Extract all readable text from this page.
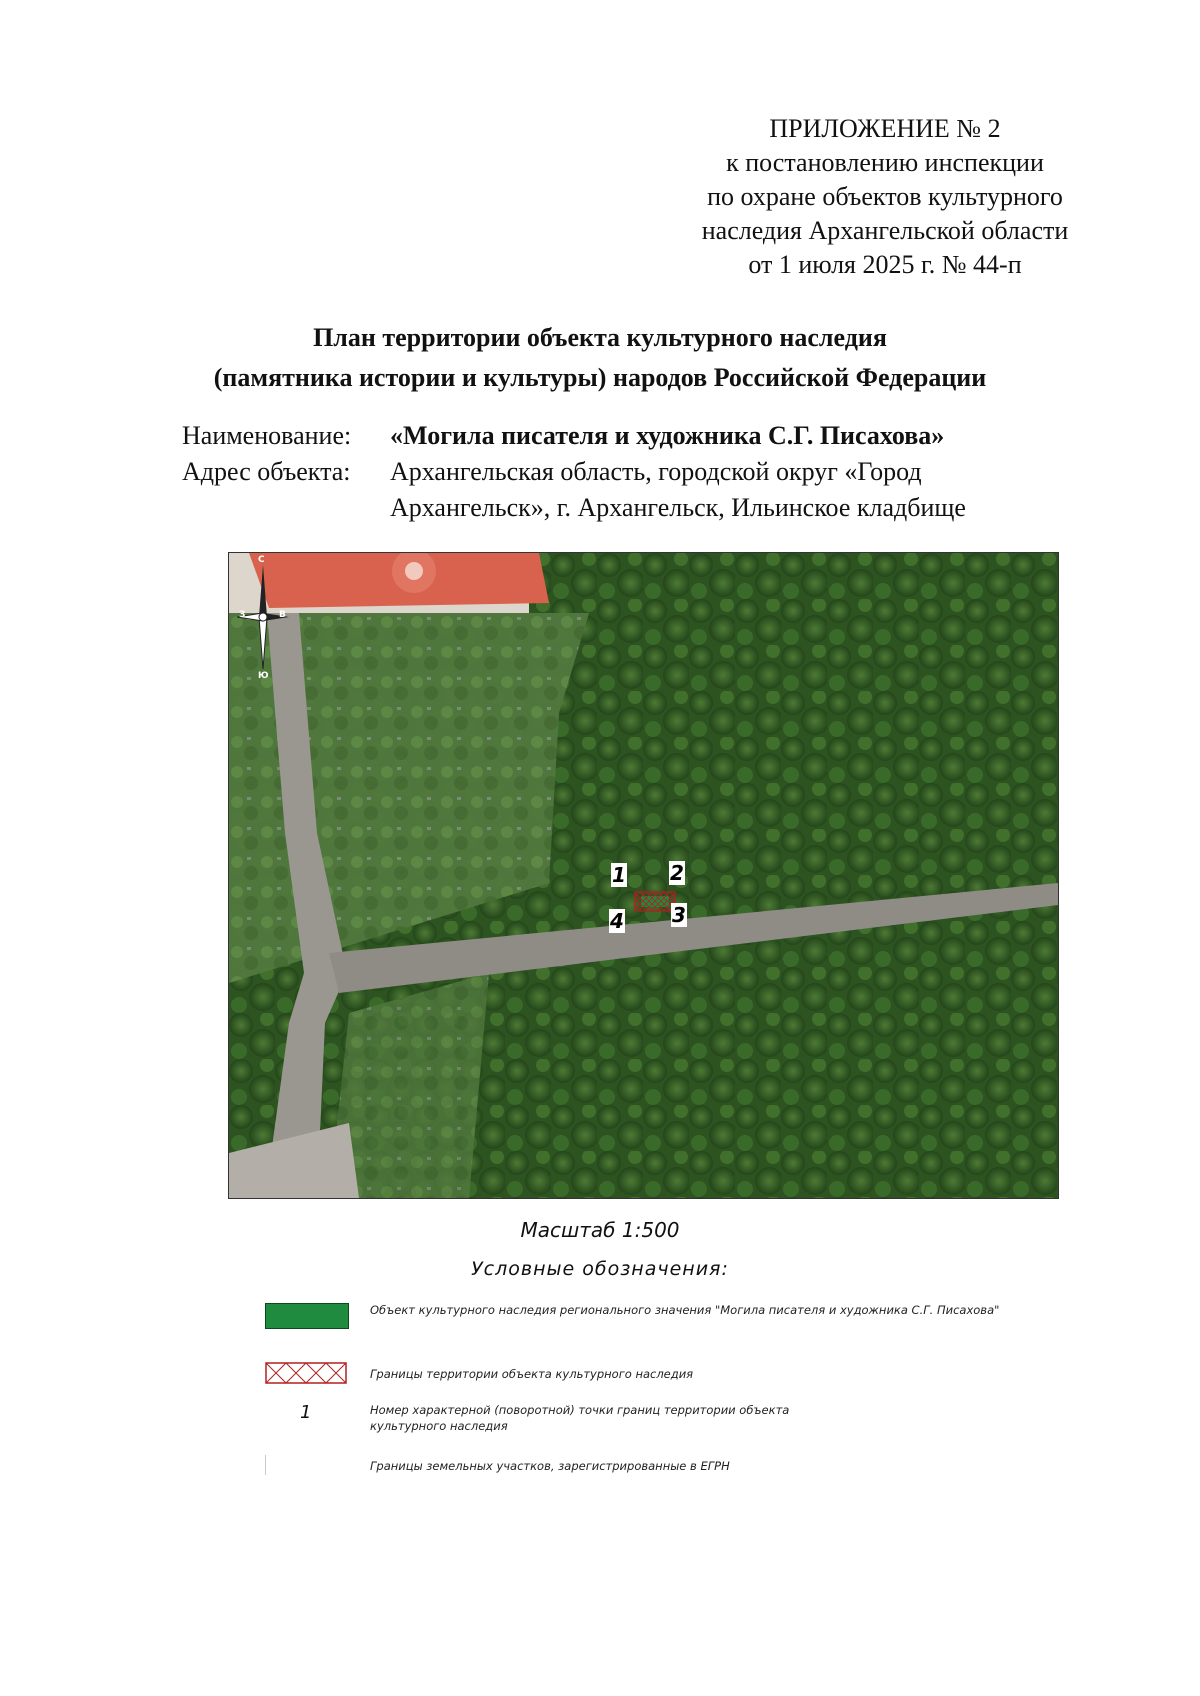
ПРИЛОЖЕНИЕ № 2
к постановлению инспекции
по охране объектов культурного
наследия Архангельской области
от 1 июля 2025 г. № 44-п
План территории объекта культурного наследия
(памятника истории и культуры) народов Российской Федерации
Наименование: «Могила писателя и художника С.Г. Писахова»
Адрес объекта: Архангельская область, городской округ «Город
Архангельск», г. Архангельск, Ильинское кладбище
С
В
З
Ю
1 2
3
4
Масштаб 1:500
Условные обозначения:
Объект культурного наследия регионального значения "Могила писателя и художника С.Г. Писахова"
Границы территории объекта культурного наследия
1	Номер характерной (поворотной) точки границ территории объекта культурного наследия
Границы земельных участков, зарегистрированные в ЕГРН
